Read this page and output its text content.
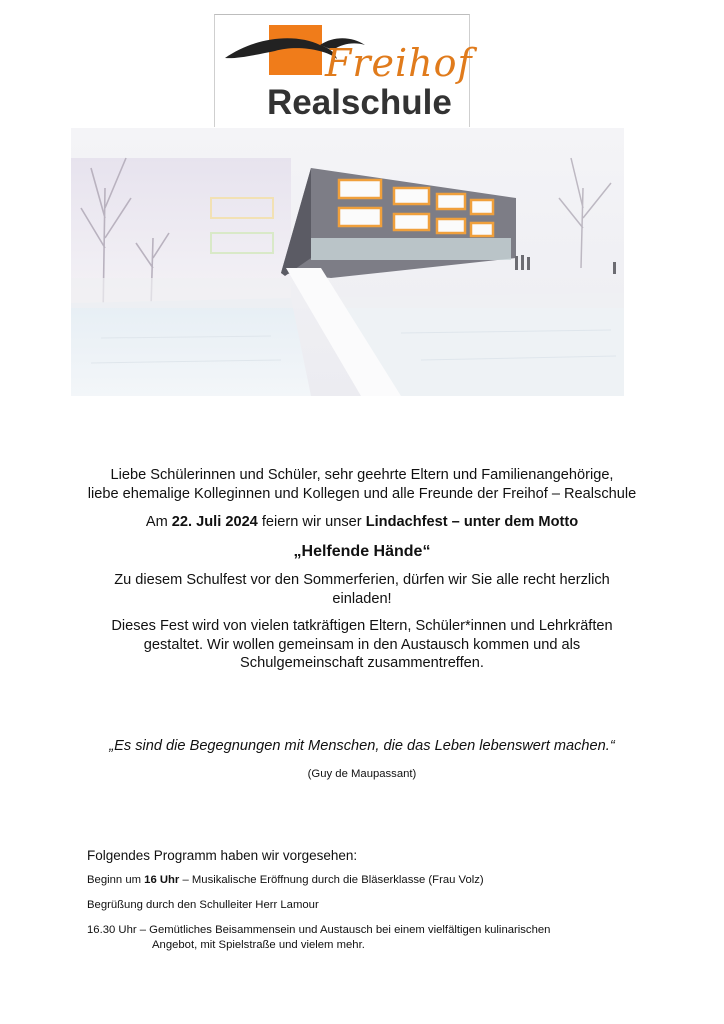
Freihof
Realschule
Liebe Schülerinnen und Schüler, sehr geehrte Eltern und Familienangehörige,
liebe ehemalige Kolleginnen und Kollegen und alle Freunde der Freihof – Realschule
Am 22. Juli 2024 feiern wir unser Lindachfest – unter dem Motto
„Helfende Hände“
Zu diesem Schulfest vor den Sommerferien, dürfen wir Sie alle recht herzlich
einladen!
Dieses Fest wird von vielen tatkräftigen Eltern, Schüler*innen und Lehrkräften
gestaltet. Wir wollen gemeinsam in den Austausch kommen und als
Schulgemeinschaft zusammentreffen.
„Es sind die Begegnungen mit Menschen, die das Leben lebenswert machen.“
(Guy de Maupassant)
Folgendes Programm haben wir vorgesehen:
Beginn um 16 Uhr – Musikalische Eröffnung durch die Bläserklasse (Frau Volz)
Begrüßung durch den Schulleiter Herr Lamour
16.30 Uhr – Gemütliches Beisammensein und Austausch bei einem vielfältigen kulinarischen
Angebot, mit Spielstraße und vielem mehr.
